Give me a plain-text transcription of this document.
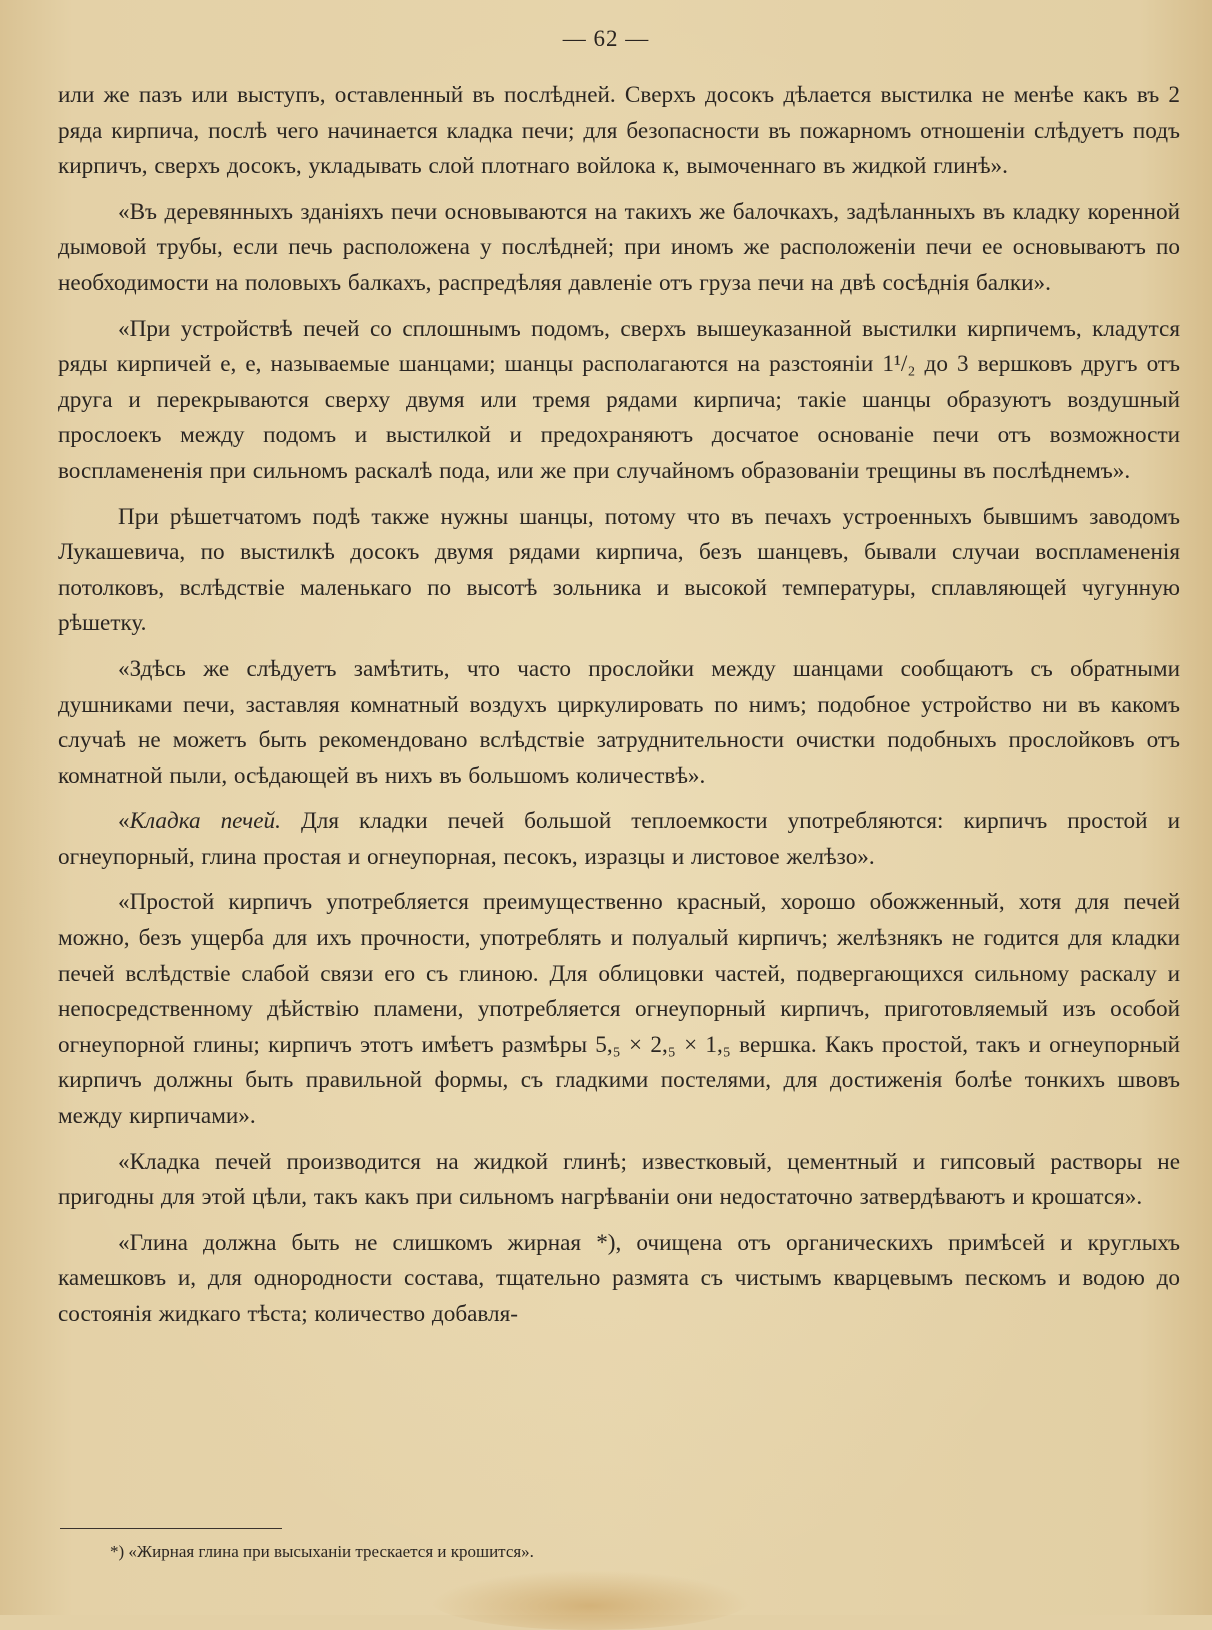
— 62 —

или же пазъ или выступъ, оставленный въ послѣдней. Сверхъ досокъ дѣлается выстилка не менѣе какъ въ 2 ряда кирпича, послѣ чего начинается кладка печи; для безопасности въ пожарномъ отношеніи слѣдуетъ подъ кирпичъ, сверхъ досокъ, укладывать слой плотнаго войлока к, вымоченнаго въ жидкой глинѣ».

«Въ деревянныхъ зданіяхъ печи основываются на такихъ же балочкахъ, задѣланныхъ въ кладку коренной дымовой трубы, если печь расположена у послѣдней; при иномъ же расположеніи печи ее основываютъ по необходимости на половыхъ балкахъ, распредѣляя давленіе отъ груза печи на двѣ сосѣднія балки».

«При устройствѣ печей со сплошнымъ подомъ, сверхъ вышеуказанной выстилки кирпичемъ, кладутся ряды кирпичей е, е, называемые шанцами; шанцы располагаются на разстояніи 1¹/₂ до 3 вершковъ другъ отъ друга и перекрываются сверху двумя или тремя рядами кирпича; такіе шанцы образуютъ воздушный прослоекъ между подомъ и выстилкой и предохраняютъ досчатое основаніе печи отъ возможности воспламененія при сильномъ раскалѣ пода, или же при случайномъ образованіи трещины въ послѣднемъ».

При рѣшетчатомъ подѣ также нужны шанцы, потому что въ печахъ устроенныхъ бывшимъ заводомъ Лукашевича, по выстилкѣ досокъ двумя рядами кирпича, безъ шанцевъ, бывали случаи воспламененія потолковъ, вслѣдствіе маленькаго по высотѣ зольника и высокой температуры, сплавляющей чугунную рѣшетку.

«Здѣсь же слѣдуетъ замѣтить, что часто прослойки между шанцами сообщаютъ съ обратными душниками печи, заставляя комнатный воздухъ циркулировать по нимъ; подобное устройство ни въ какомъ случаѣ не можетъ быть рекомендовано вслѣдствіе затруднительности очистки подобныхъ прослойковъ отъ комнатной пыли, осѣдающей въ нихъ въ большомъ количествѣ».

«Кладка печей. Для кладки печей большой теплоемкости употребляются: кирпичъ простой и огнеупорный, глина простая и огнеупорная, песокъ, изразцы и листовое желѣзо».

«Простой кирпичъ употребляется преимущественно красный, хорошо обожженный, хотя для печей можно, безъ ущерба для ихъ прочности, употреблять и полуалый кирпичъ; желѣзнякъ не годится для кладки печей вслѣдствіе слабой связи его съ глиною. Для облицовки частей, подвергающихся сильному раскалу и непосредственному дѣйствію пламени, употребляется огнеупорный кирпичъ, приготовляемый изъ особой огнеупорной глины; кирпичъ этотъ имѣетъ размѣры 5,₅ × 2,₅ × 1,₅ вершка. Какъ простой, такъ и огнеупорный кирпичъ должны быть правильной формы, съ гладкими постелями, для достиженія болѣе тонкихъ швовъ между кирпичами».

«Кладка печей производится на жидкой глинѣ; известковый, цементный и гипсовый растворы не пригодны для этой цѣли, такъ какъ при сильномъ нагрѣваніи они недостаточно затвердѣваютъ и крошатся».

«Глина должна быть не слишкомъ жирная *), очищена отъ органическихъ примѣсей и круглыхъ камешковъ и, для однородности состава, тщательно размята съ чистымъ кварцевымъ пескомъ и водою до состоянія жидкаго тѣста; количество добавля-

*) «Жирная глина при высыханіи трескается и крошится».
